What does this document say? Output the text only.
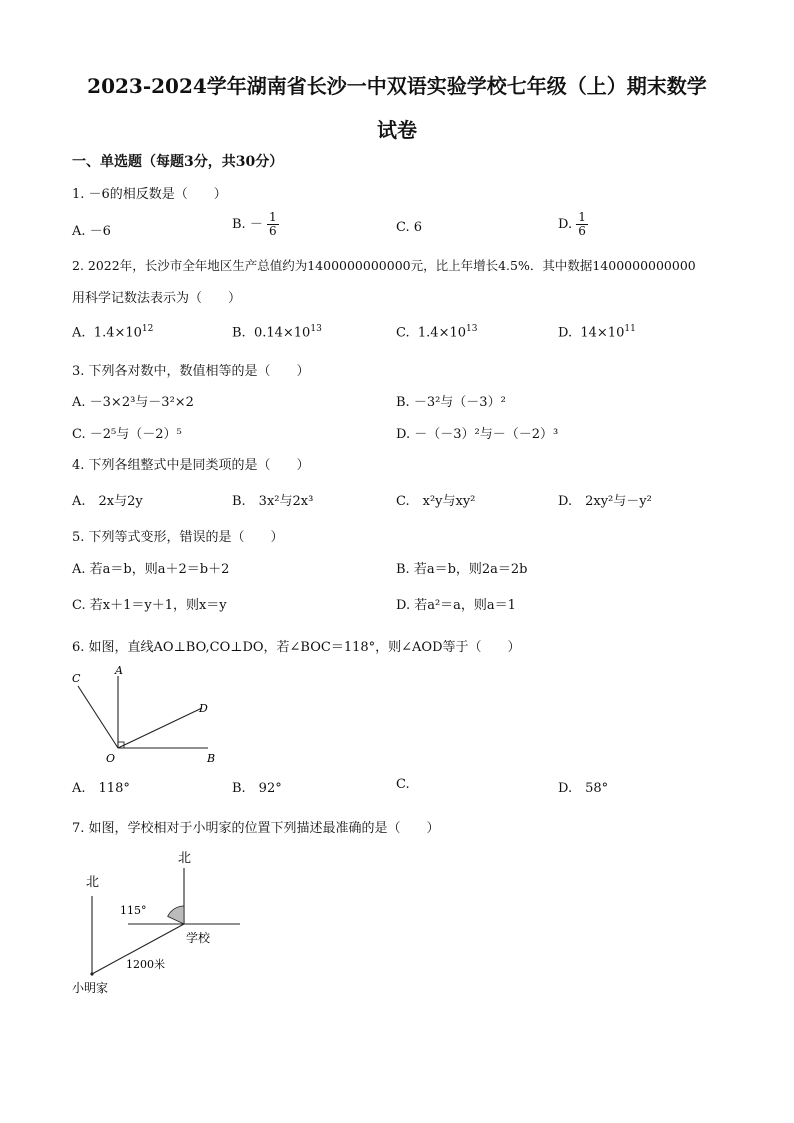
2023-2024学年湖南省长沙一中双语实验学校七年级（上）期末数学
试卷
一、单选题（每题3分，共30分）
1. －6的相反数是（　　）
A. －6	B. － $\frac{1}{6}$	C. 6	D. $\frac{1}{6}$
2. 2022年，长沙市全年地区生产总值约为1400000000000元，比上年增长4.5%．其中数据1400000000000
用科学记数法表示为（　　）
A. $1.4\times 10^{12}$	B. $0.14\times 10^{13}$	C. $1.4\times 10^{13}$	D. $14\times 10^{11}$
3. 下列各对数中，数值相等的是（　　）
A. －3×2³与－3²×2	B. －3²与（－3）²
C. －2⁵与（－2）⁵	D. －（－3）²与－（－2）³
4. 下列各组整式中是同类项的是（　　）
A.　2x与2y	B.　3x²与2x³	C.　x²y与xy²	D.　2xy²与－y²
5. 下列等式变形，错误的是（　　）
A. 若a＝b，则a＋2＝b＋2	B. 若a＝b，则2a＝2b
C. 若x＋1＝y＋1，则x＝y	D. 若a²＝a，则a＝1
6. 如图，直线AO⊥BO,CO⊥DO，若∠BOC＝118°，则∠AOD等于（　　）
C
A
D
O	B
A.　118°	B.　92°	C.	D.　58°
7. 如图，学校相对于小明家的位置下列描述最准确的是（　　）
北
北
115°
学校
1200米
小明家
